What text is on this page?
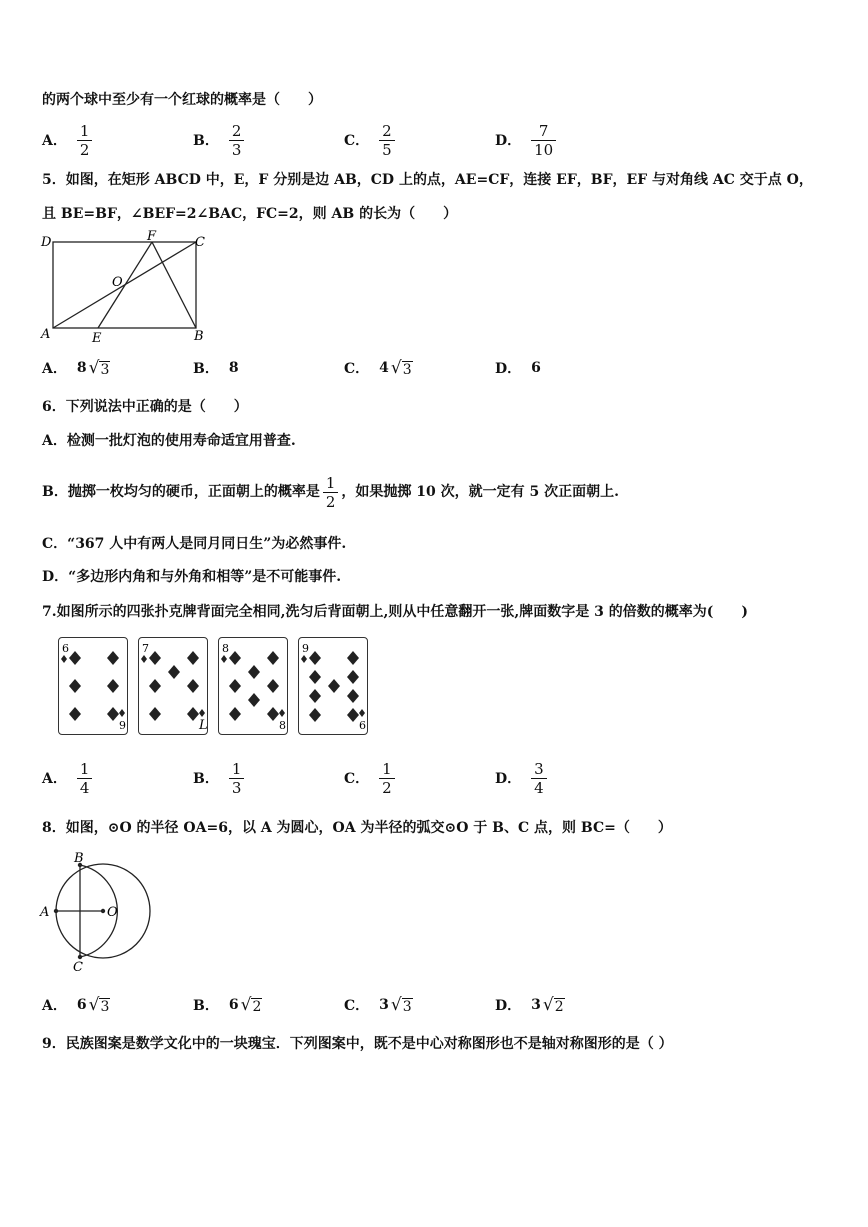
的两个球中至少有一个红球的概率是（　　）
A． $\frac{1}{2}$	B． $\frac{2}{3}$	C． $\frac{2}{5}$	D． $\frac{7}{10}$
5．如图，在矩形 ABCD 中，E，F 分别是边 AB，CD 上的点，AE=CF，连接 EF，BF，EF 与对角线 AC 交于点 O，
且 BE=BF，∠BEF=2∠BAC，FC=2，则 AB 的长为（　　）
D	F	C
O
A	E	B
A． 8 √ 3	B． 8	C． 4 √ 3	D． 6
6．下列说法中正确的是（　　）
A．检测一批灯泡的使用寿命适宜用普查.
B．抛掷一枚均匀的硬币，正面朝上的概率是 $\frac{1}{2}$ ，如果抛掷 10 次，就一定有 5 次正面朝上.
C．“367 人中有两人是同月同日生”为必然事件.
D．“多边形内角和与外角和相等”是不可能事件.
7.如图所示的四张扑克牌背面完全相同,洗匀后背面朝上,则从中任意翻开一张,牌面数字是 3 的倍数的概率为(　　)
6
9
7
L
8
8
9
6
A． $\frac{1}{4}$	B． $\frac{1}{3}$	C． $\frac{1}{2}$	D． $\frac{3}{4}$
8．如图，⊙O 的半径 OA=6，以 A 为圆心，OA 为半径的弧交⊙O 于 B、C 点，则 BC=（　　）
B
A	O
C
A． 6 √ 3	B． 6 √ 2	C． 3 √ 3	D． 3 √ 2
9．民族图案是数学文化中的一块瑰宝．下列图案中，既不是中心对称图形也不是轴对称图形的是（ ）
